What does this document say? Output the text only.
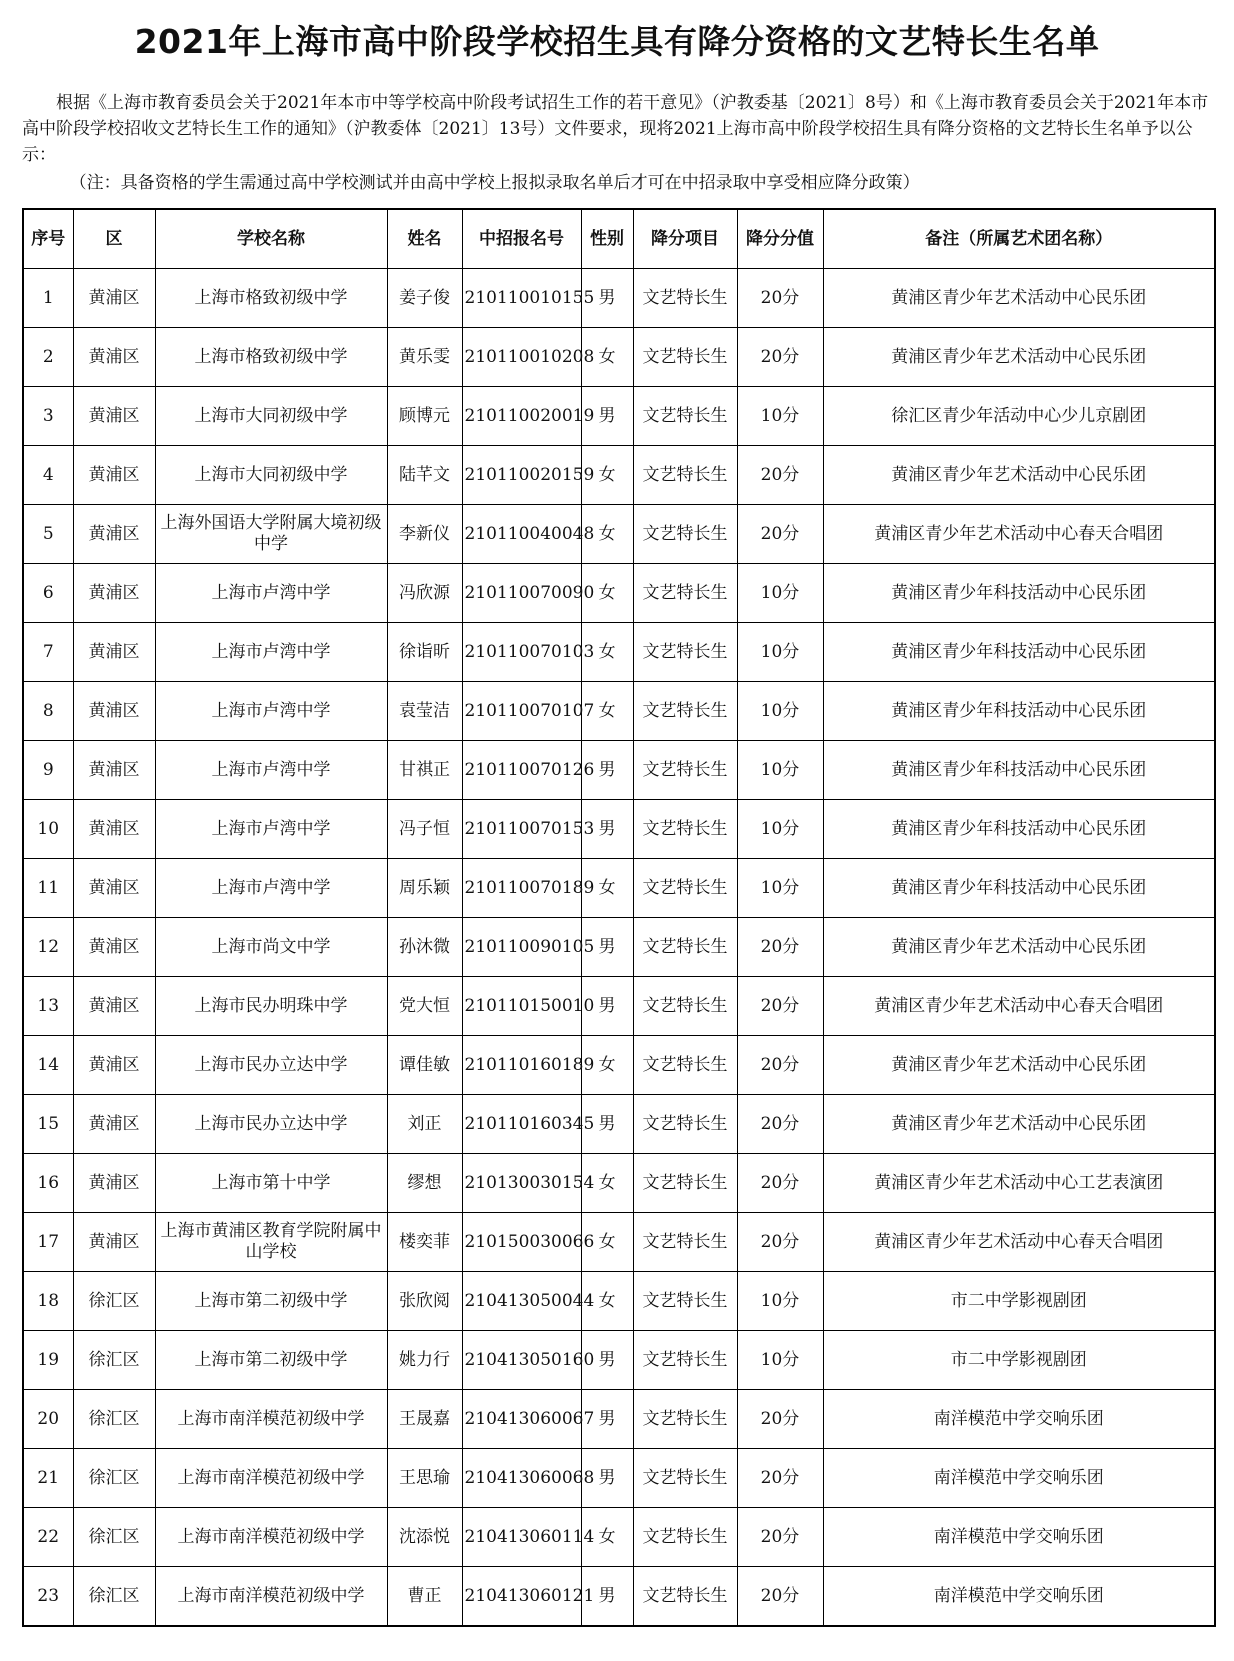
2021年上海市高中阶段学校招生具有降分资格的文艺特长生名单

根据《上海市教育委员会关于2021年本市中等学校高中阶段考试招生工作的若干意见》（沪教委基〔2021〕8号）和《上海市教育委员会关于2021年本市高中阶段学校招收文艺特长生工作的通知》（沪教委体〔2021〕13号）文件要求，现将2021上海市高中阶段学校招生具有降分资格的文艺特长生名单予以公示：

（注：具备资格的学生需通过高中学校测试并由高中学校上报拟录取名单后才可在中招录取中享受相应降分政策）

序号	区	学校名称	姓名	中招报名号	性别	降分项目	降分分值	备注（所属艺术团名称）
1	黄浦区	上海市格致初级中学	姜子俊	210110010155	男	文艺特长生	20分	黄浦区青少年艺术活动中心民乐团
2	黄浦区	上海市格致初级中学	黄乐雯	210110010208	女	文艺特长生	20分	黄浦区青少年艺术活动中心民乐团
3	黄浦区	上海市大同初级中学	顾博元	210110020019	男	文艺特长生	10分	徐汇区青少年活动中心少儿京剧团
4	黄浦区	上海市大同初级中学	陆芊文	210110020159	女	文艺特长生	20分	黄浦区青少年艺术活动中心民乐团
5	黄浦区	上海外国语大学附属大境初级中学	李新仪	210110040048	女	文艺特长生	20分	黄浦区青少年艺术活动中心春天合唱团
6	黄浦区	上海市卢湾中学	冯欣源	210110070090	女	文艺特长生	10分	黄浦区青少年科技活动中心民乐团
7	黄浦区	上海市卢湾中学	徐诣昕	210110070103	女	文艺特长生	10分	黄浦区青少年科技活动中心民乐团
8	黄浦区	上海市卢湾中学	袁莹洁	210110070107	女	文艺特长生	10分	黄浦区青少年科技活动中心民乐团
9	黄浦区	上海市卢湾中学	甘祺正	210110070126	男	文艺特长生	10分	黄浦区青少年科技活动中心民乐团
10	黄浦区	上海市卢湾中学	冯子恒	210110070153	男	文艺特长生	10分	黄浦区青少年科技活动中心民乐团
11	黄浦区	上海市卢湾中学	周乐颖	210110070189	女	文艺特长生	10分	黄浦区青少年科技活动中心民乐团
12	黄浦区	上海市尚文中学	孙沐微	210110090105	男	文艺特长生	20分	黄浦区青少年艺术活动中心民乐团
13	黄浦区	上海市民办明珠中学	党大恒	210110150010	男	文艺特长生	20分	黄浦区青少年艺术活动中心春天合唱团
14	黄浦区	上海市民办立达中学	谭佳敏	210110160189	女	文艺特长生	20分	黄浦区青少年艺术活动中心民乐团
15	黄浦区	上海市民办立达中学	刘正	210110160345	男	文艺特长生	20分	黄浦区青少年艺术活动中心民乐团
16	黄浦区	上海市第十中学	缪想	210130030154	女	文艺特长生	20分	黄浦区青少年艺术活动中心工艺表演团
17	黄浦区	上海市黄浦区教育学院附属中山学校	楼奕菲	210150030066	女	文艺特长生	20分	黄浦区青少年艺术活动中心春天合唱团
18	徐汇区	上海市第二初级中学	张欣阅	210413050044	女	文艺特长生	10分	市二中学影视剧团
19	徐汇区	上海市第二初级中学	姚力行	210413050160	男	文艺特长生	10分	市二中学影视剧团
20	徐汇区	上海市南洋模范初级中学	王晟嘉	210413060067	男	文艺特长生	20分	南洋模范中学交响乐团
21	徐汇区	上海市南洋模范初级中学	王思瑜	210413060068	男	文艺特长生	20分	南洋模范中学交响乐团
22	徐汇区	上海市南洋模范初级中学	沈添悦	210413060114	女	文艺特长生	20分	南洋模范中学交响乐团
23	徐汇区	上海市南洋模范初级中学	曹正	210413060121	男	文艺特长生	20分	南洋模范中学交响乐团
